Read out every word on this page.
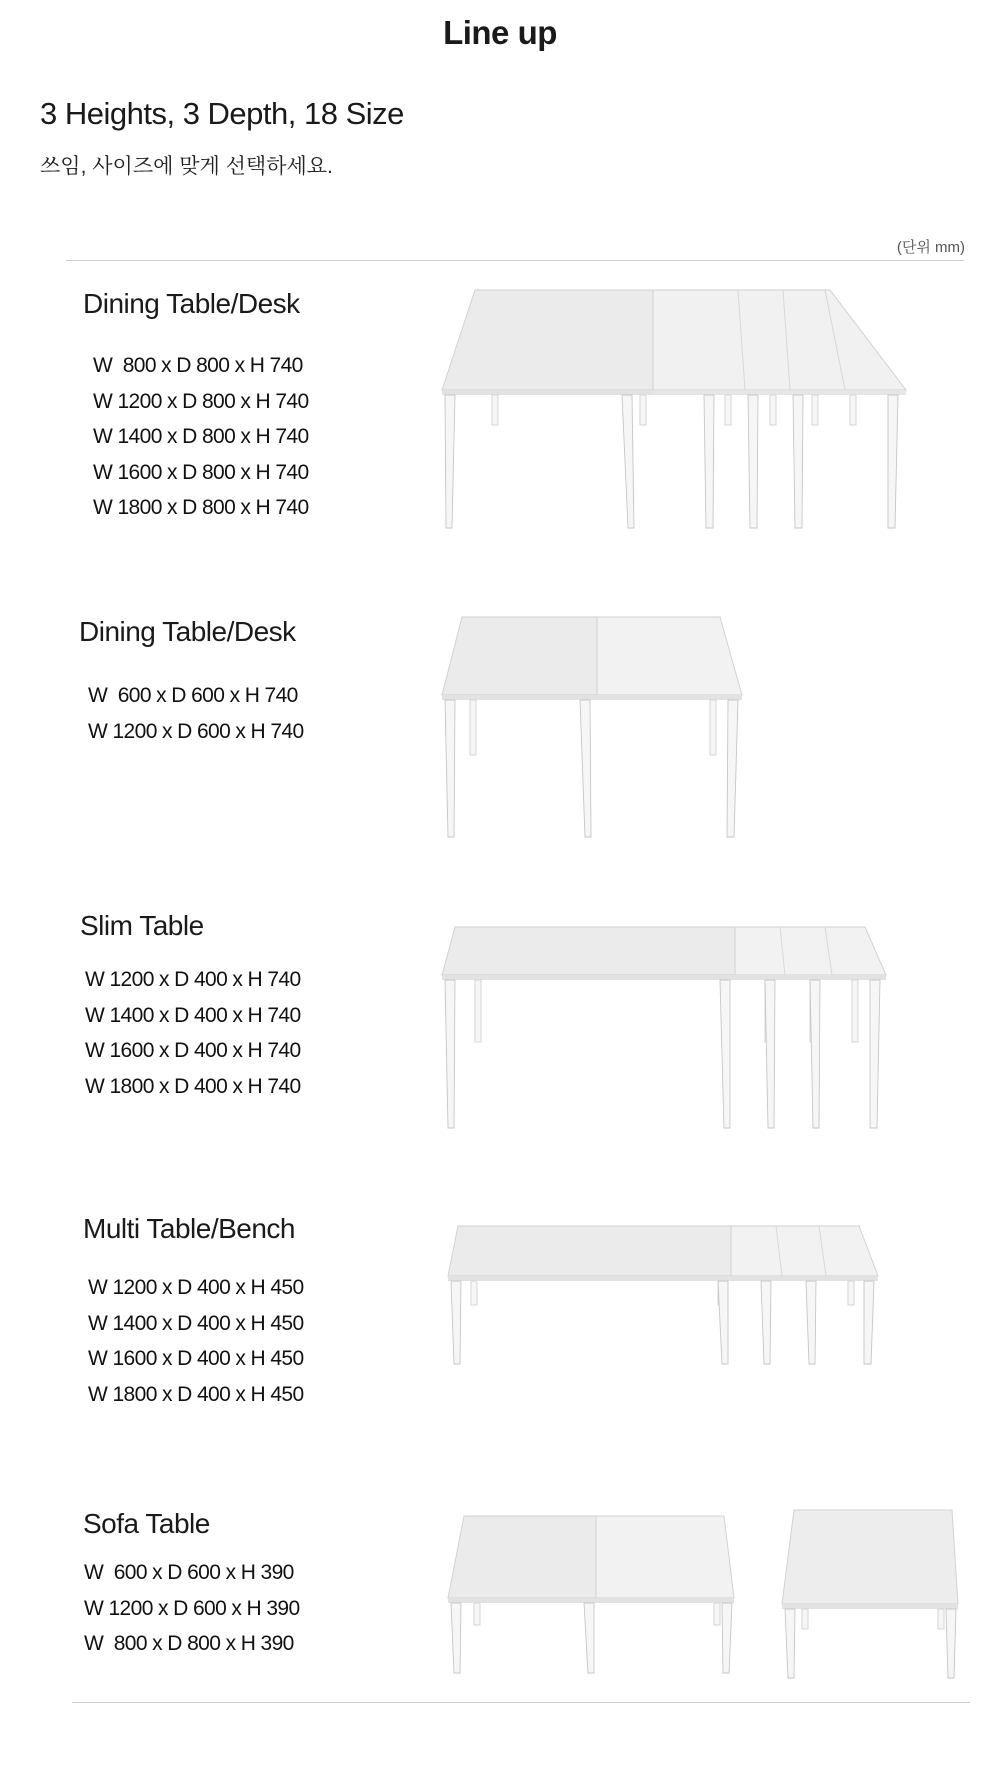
Line up
3 Heights, 3 Depth, 18 Size
쓰임, 사이즈에 맞게 선택하세요.
(단위 mm)
Dining Table/Desk
W  800 x D 800 x H 740
W 1200 x D 800 x H 740
W 1400 x D 800 x H 740
W 1600 x D 800 x H 740
W 1800 x D 800 x H 740
Dining Table/Desk
W  600 x D 600 x H 740
W 1200 x D 600 x H 740
Slim Table
W 1200 x D 400 x H 740
W 1400 x D 400 x H 740
W 1600 x D 400 x H 740
W 1800 x D 400 x H 740
Multi Table/Bench
W 1200 x D 400 x H 450
W 1400 x D 400 x H 450
W 1600 x D 400 x H 450
W 1800 x D 400 x H 450
Sofa Table
W  600 x D 600 x H 390
W 1200 x D 600 x H 390
W  800 x D 800 x H 390
